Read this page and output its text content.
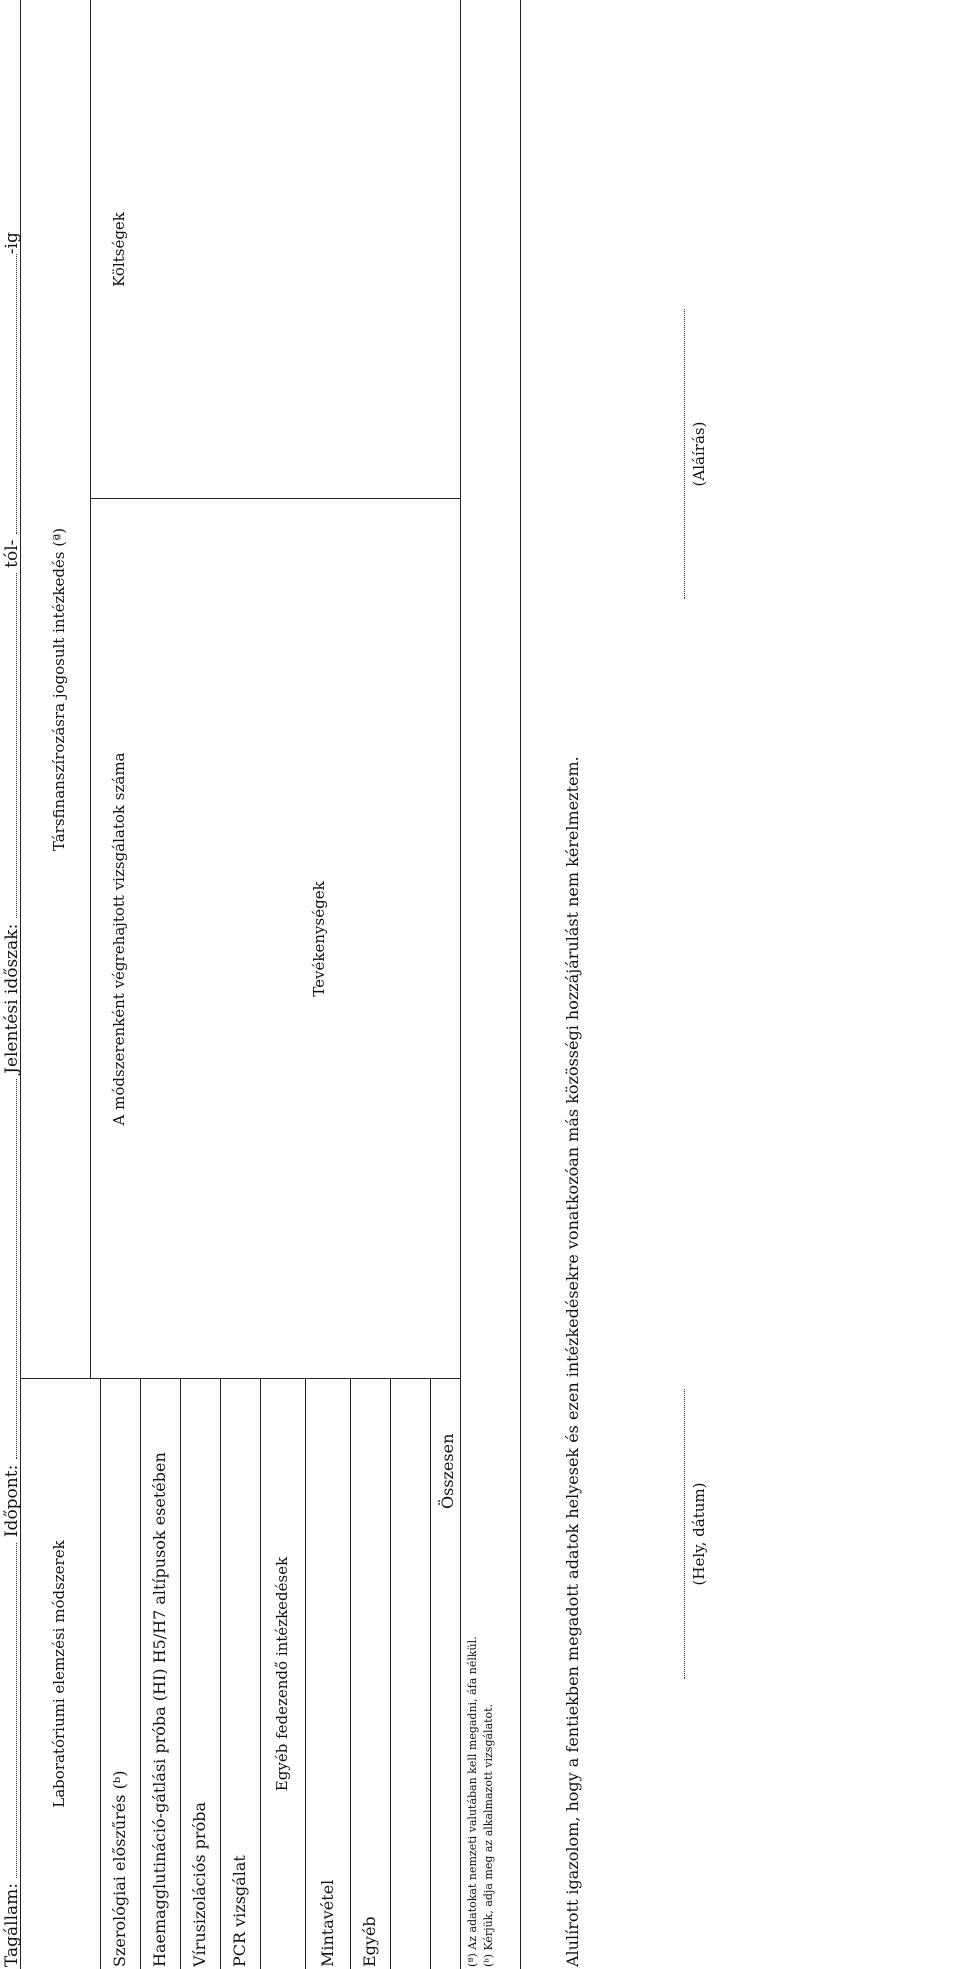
Tagállam:  Időpont:  Jelentési időszak:  tól- -ig
Laboratóriumi elemzési módszerek
Társfinanszírozásra jogosult intézkedés (ª)
A módszerenként végrehajtott vizsgálatok száma
Költségek
Tevékenységek
Szerológiai előszűrés (ᵇ) Haemagglutináció-gátlási próba (HI) H5/H7 altípusok esetében Vírusizolációs próba PCR vizsgálat
Egyéb fedezendő intézkedések
Mintavétel Egyéb
Összesen
(ª) Az adatokat nemzeti valutában kell megadni, áfa nélkül. (ᵇ) Kérjük, adja meg az alkalmazott vizsgálatot.	Alulírott igazolom, hogy a fentiekben megadott adatok helyesek és ezen intézkedésekre vonatkozóan más közösségi hozzájárulást nem kérelmeztem.	(Hely, dátum)
(Aláírás)
